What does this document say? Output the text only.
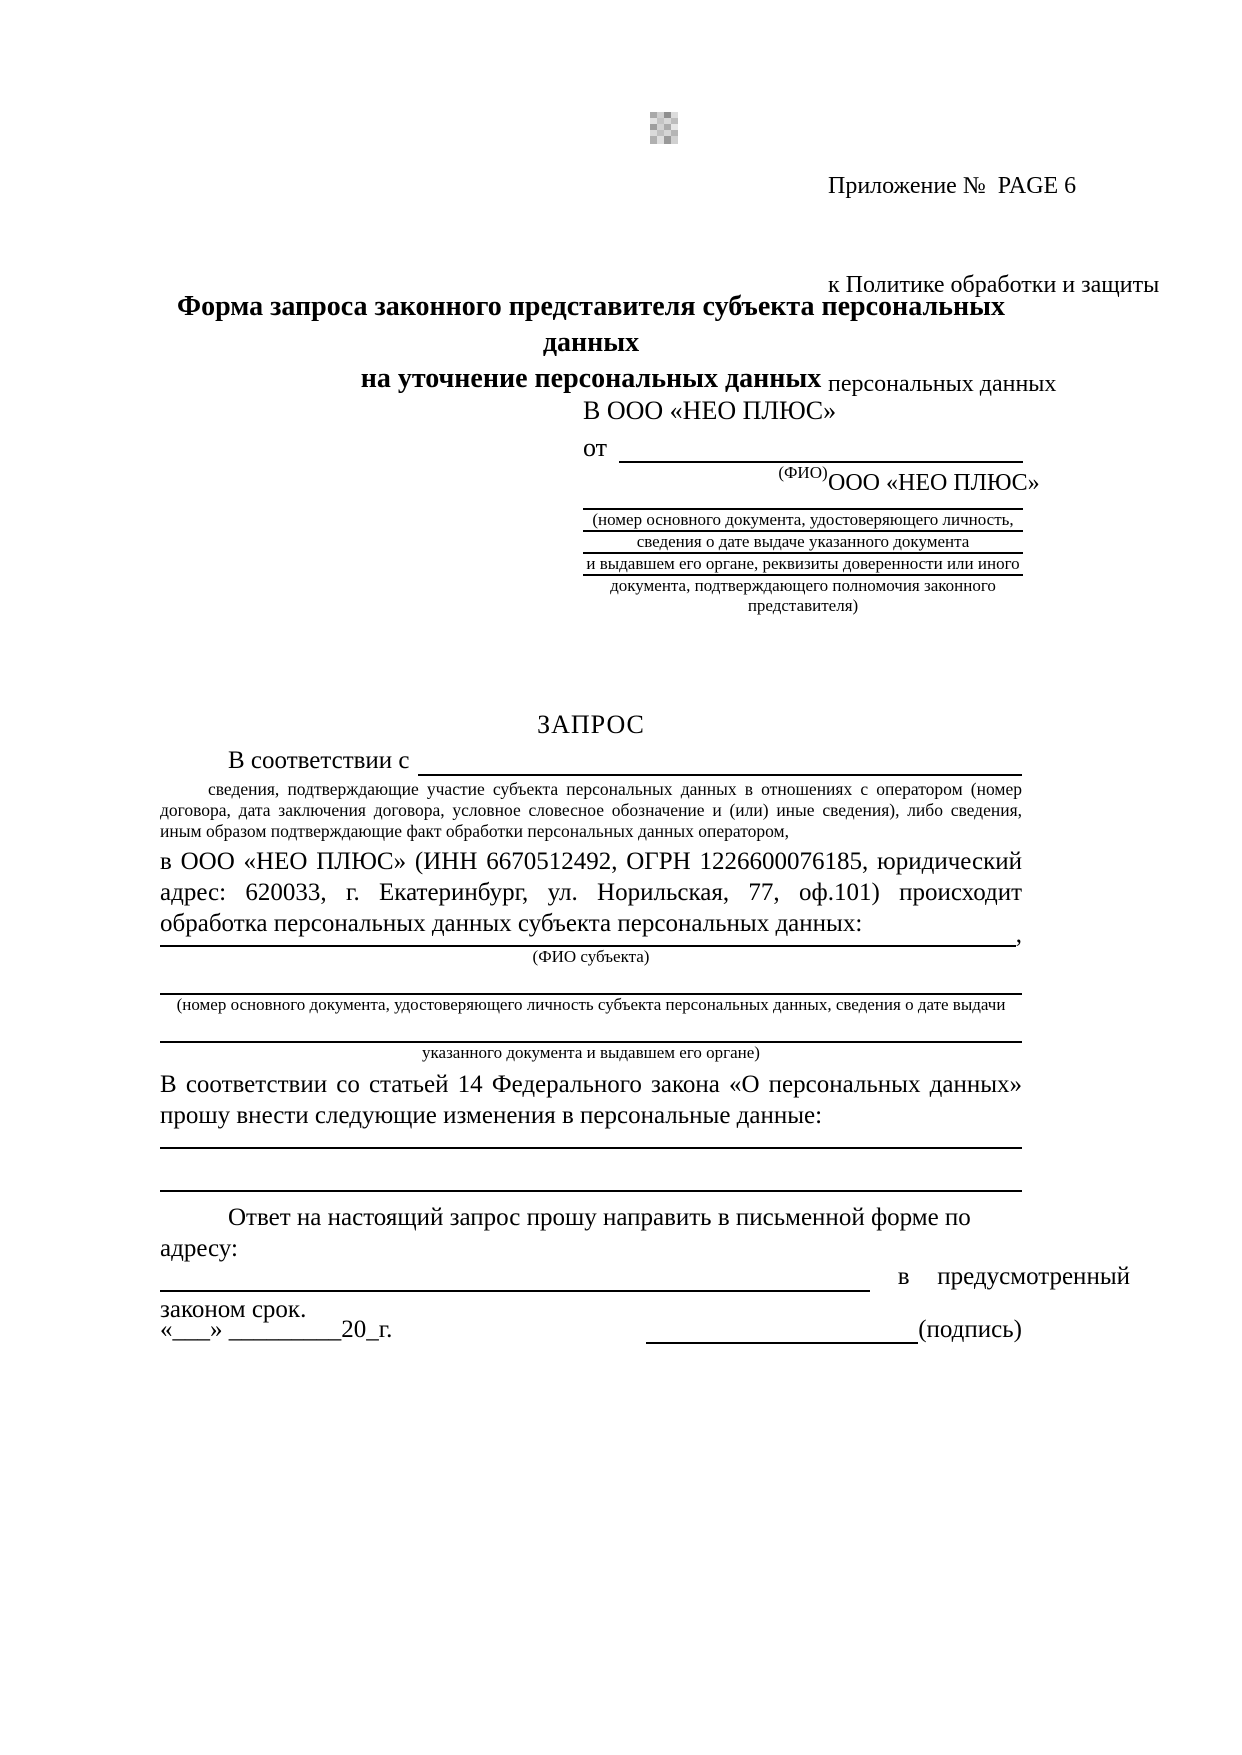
Приложение №  PAGE 6

к Политике обработки и защиты

персональных данных

ООО «НЕО ПЛЮС»

Форма запроса законного представителя субъекта персональных данных
на уточнение персональных данных
В ООО «НЕО ПЛЮС»
от
(ФИО)
(номер основного документа, удостоверяющего личность,
сведения о дате выдаче указанного документа
и выдавшем его органе, реквизиты доверенности или иного
документа, подтверждающего полномочия законного представителя)
ЗАПРОС
В соответствии с
сведения, подтверждающие участие субъекта персональных данных в отношениях с оператором (номер договора, дата заключения договора, условное словесное обозначение и (или) иные сведения), либо сведения, иным образом подтверждающие факт обработки персональных данных оператором,
в ООО «НЕО ПЛЮС» (ИНН 6670512492, ОГРН 1226600076185, юридический адрес: 620033, г. Екатеринбург, ул. Норильская, 77, оф.101) происходит обработка персональных данных субъекта персональных данных:	,
(ФИО субъекта)
(номер основного документа, удостоверяющего личность субъекта персональных данных, сведения о дате выдачи
указанного документа и выдавшем его органе)
В соответствии со статьей 14 Федерального закона «О персональных данных» прошу внести следующие изменения в персональные данные:
Ответ на настоящий запрос прошу направить в письменной форме по адресу:
в предусмотренный
законом срок.
«___» _________20_г.	(подпись)
